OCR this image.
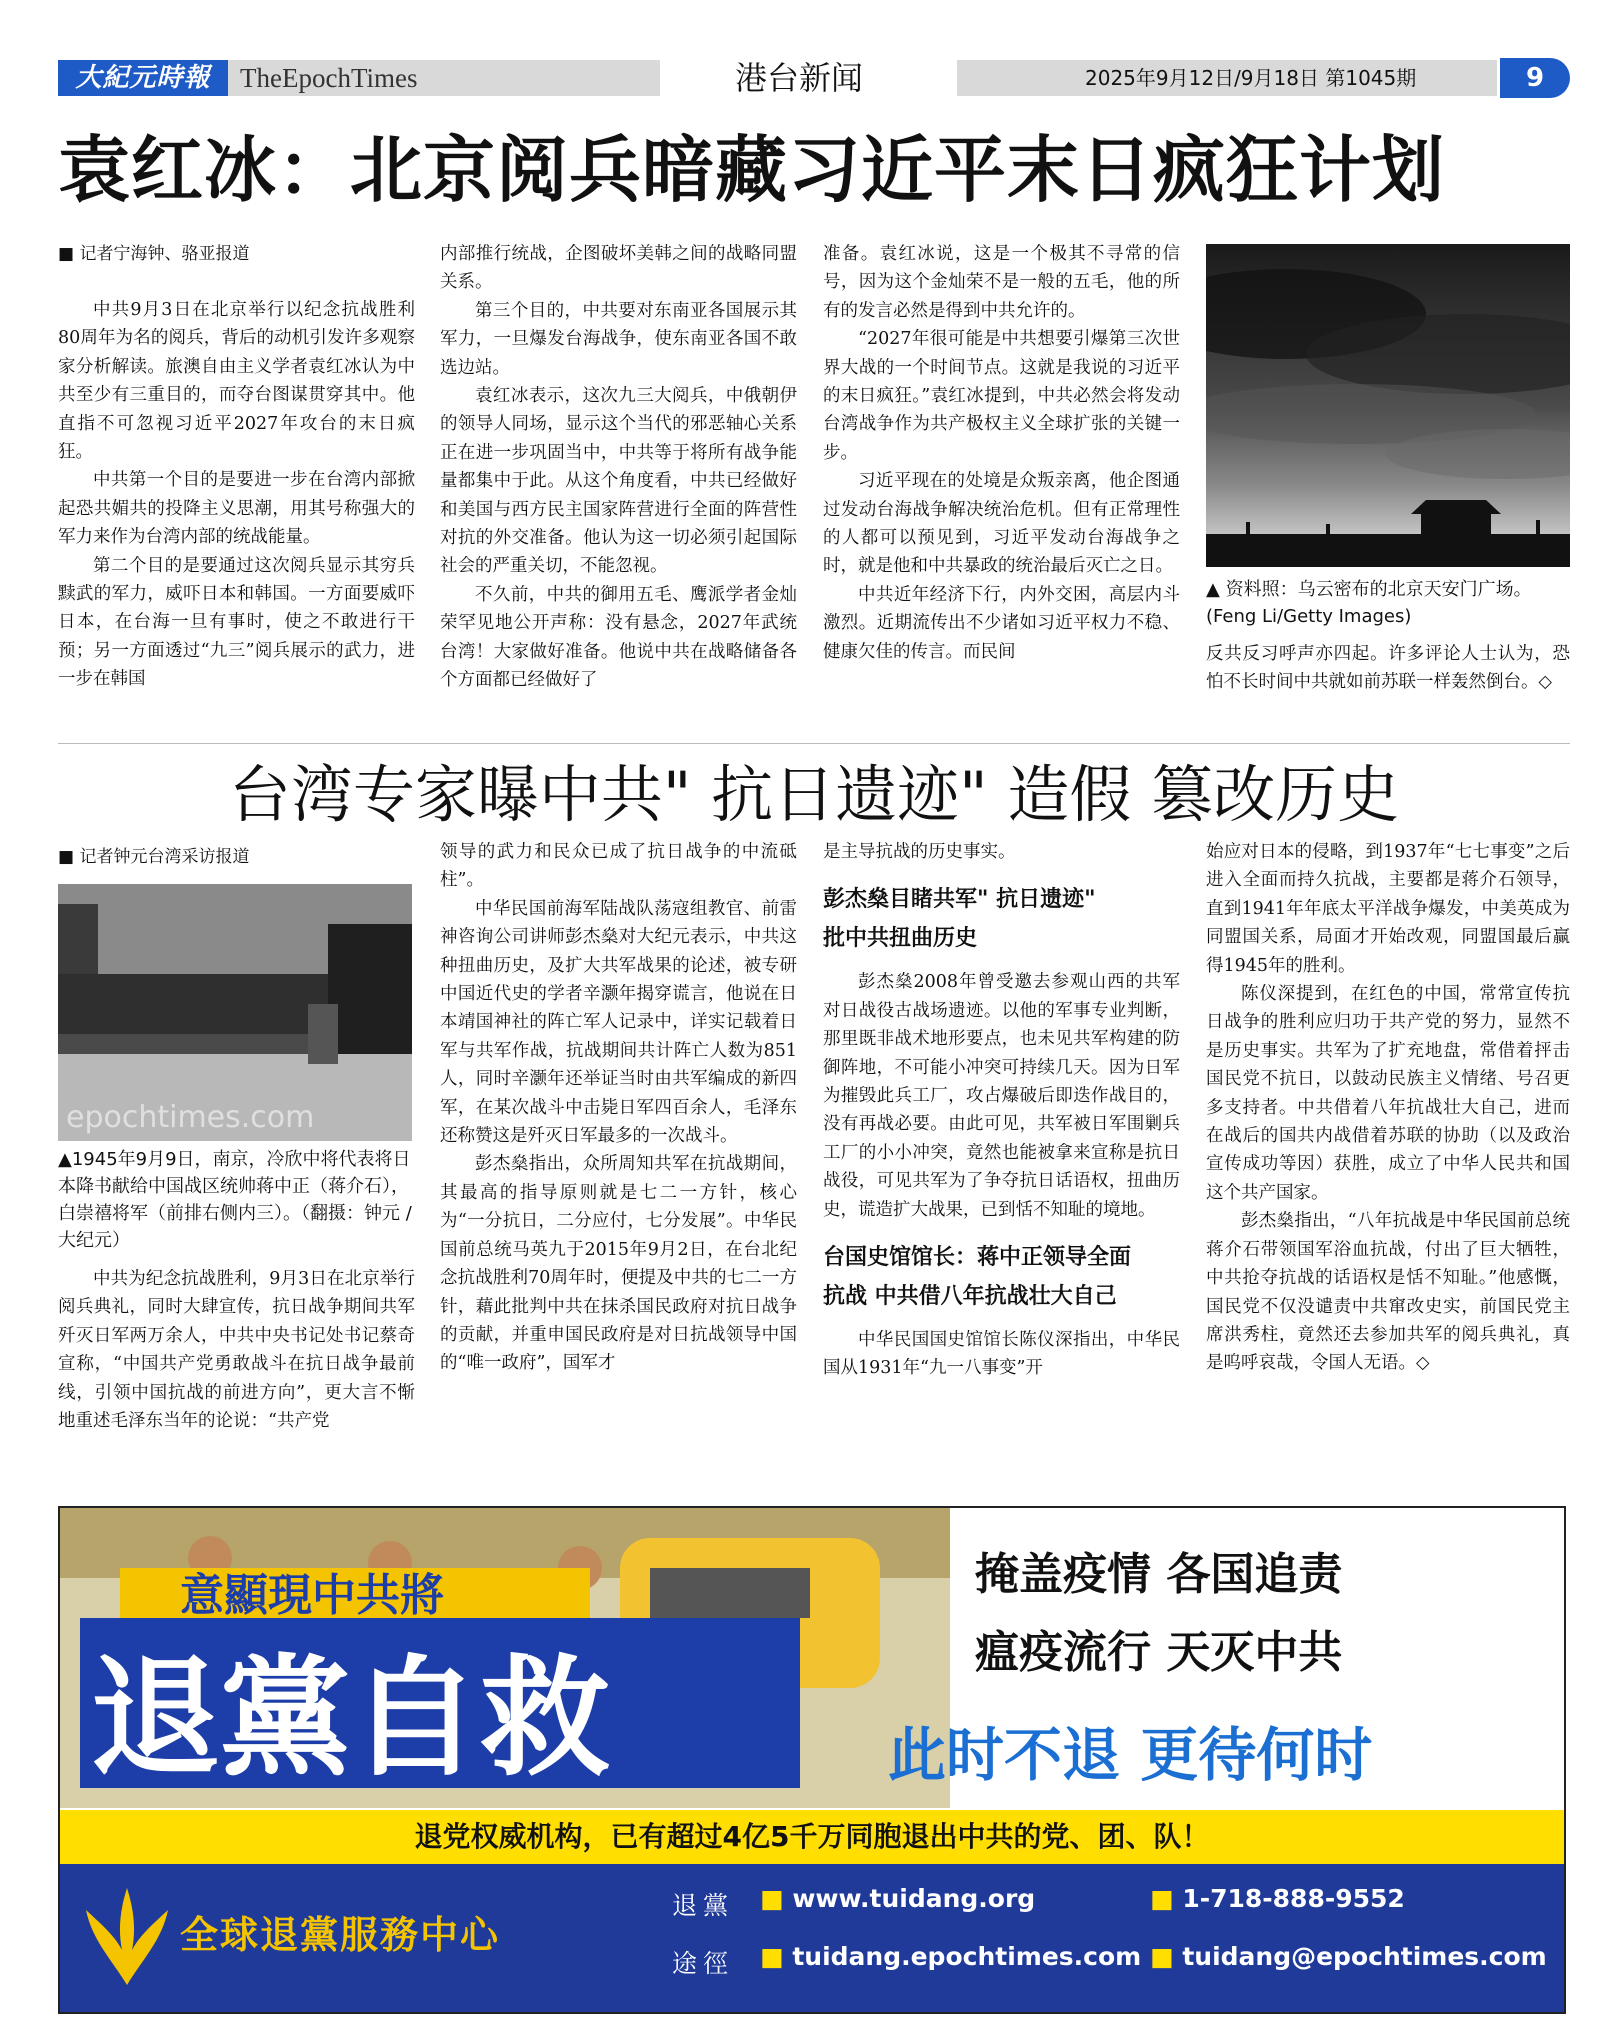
大紀元時報	TheEpochTimes	港台新闻	2025年9月12日/9月18日 第1045期	9
袁红冰：北京阅兵暗藏习近平末日疯狂计划
■ 记者宁海钟、骆亚报道

中共9月3日在北京举行以纪念抗战胜利80周年为名的阅兵，背后的动机引发许多观察家分析解读。旅澳自由主义学者袁红冰认为中共至少有三重目的，而夺台图谋贯穿其中。他直指不可忽视习近平2027年攻台的末日疯狂。

中共第一个目的是要进一步在台湾内部掀起恐共媚共的投降主义思潮，用其号称强大的军力来作为台湾内部的统战能量。

第二个目的是要通过这次阅兵显示其穷兵黩武的军力，威吓日本和韩国。一方面要威吓日本，在台海一旦有事时，使之不敢进行干预；另一方面透过“九三”阅兵展示的武力，进一步在韩国

内部推行统战，企图破坏美韩之间的战略同盟关系。

第三个目的，中共要对东南亚各国展示其军力，一旦爆发台海战争，使东南亚各国不敢选边站。

袁红冰表示，这次九三大阅兵，中俄朝伊的领导人同场，显示这个当代的邪恶轴心关系正在进一步巩固当中，中共等于将所有战争能量都集中于此。从这个角度看，中共已经做好和美国与西方民主国家阵营进行全面的阵营性对抗的外交准备。他认为这一切必须引起国际社会的严重关切，不能忽视。

不久前，中共的御用五毛、鹰派学者金灿荣罕见地公开声称：没有悬念，2027年武统台湾！大家做好准备。他说中共在战略储备各个方面都已经做好了

准备。袁红冰说，这是一个极其不寻常的信号，因为这个金灿荣不是一般的五毛，他的所有的发言必然是得到中共允许的。

“2027年很可能是中共想要引爆第三次世界大战的一个时间节点。这就是我说的习近平的末日疯狂。”袁红冰提到，中共必然会将发动台湾战争作为共产极权主义全球扩张的关键一步。

习近平现在的处境是众叛亲离，他企图通过发动台海战争解决统治危机。但有正常理性的人都可以预见到，习近平发动台海战争之时，就是他和中共暴政的统治最后灭亡之日。

中共近年经济下行，内外交困，高层内斗激烈。近期流传出不少诸如习近平权力不稳、健康欠佳的传言。而民间

▲ 资料照：乌云密布的北京天安门广场。(Feng Li/Getty Images)

反共反习呼声亦四起。许多评论人士认为，恐怕不长时间中共就如前苏联一样轰然倒台。◇

台湾专家曝中共" 抗日遗迹" 造假 篡改历史
■ 记者钟元台湾采访报道
epochtimes.com
▲1945年9月9日，南京，冷欣中将代表将日本降书献给中国战区统帅蒋中正（蒋介石），白崇禧将军（前排右侧内三）。（翻摄：钟元 / 大纪元）

中共为纪念抗战胜利，9月3日在北京举行阅兵典礼，同时大肆宣传，抗日战争期间共军歼灭日军两万余人，中共中央书记处书记蔡奇宣称，“中国共产党勇敢战斗在抗日战争最前线，引领中国抗战的前进方向”，更大言不惭地重述毛泽东当年的论说：“共产党

领导的武力和民众已成了抗日战争的中流砥柱”。

中华民国前海军陆战队荡寇组教官、前雷神咨询公司讲师彭杰燊对大纪元表示，中共这种扭曲历史，及扩大共军战果的论述，被专研中国近代史的学者辛灏年揭穿谎言，他说在日本靖国神社的阵亡军人记录中，详实记载着日军与共军作战，抗战期间共计阵亡人数为851人，同时辛灏年还举证当时由共军编成的新四军，在某次战斗中击毙日军四百余人，毛泽东还称赞这是歼灭日军最多的一次战斗。

彭杰燊指出，众所周知共军在抗战期间，其最高的指导原则就是七二一方针，核心为“一分抗日，二分应付，七分发展”。中华民国前总统马英九于2015年9月2日，在台北纪念抗战胜利70周年时，便提及中共的七二一方针，藉此批判中共在抹杀国民政府对抗日战争的贡献，并重申国民政府是对日抗战领导中国的“唯一政府”，国军才

是主导抗战的历史事实。

彭杰燊目睹共军" 抗日遗迹"
批中共扭曲历史

彭杰燊2008年曾受邀去参观山西的共军对日战役古战场遗迹。以他的军事专业判断，那里既非战术地形要点，也未见共军构建的防御阵地，不可能小冲突可持续几天。因为日军为摧毁此兵工厂，攻占爆破后即迭作战目的，没有再战必要。由此可见，共军被日军围剿兵工厂的小小冲突，竟然也能被拿来宣称是抗日战役，可见共军为了争夺抗日话语权，扭曲历史，谎造扩大战果，已到恬不知耻的境地。

台国史馆馆长：蒋中正领导全面
抗战 中共借八年抗战壮大自己

中华民国国史馆馆长陈仪深指出，中华民国从1931年“九一八事变”开

始应对日本的侵略，到1937年“七七事变”之后进入全面而持久抗战，主要都是蒋介石领导，直到1941年年底太平洋战争爆发，中美英成为同盟国关系，局面才开始改观，同盟国最后赢得1945年的胜利。

陈仪深提到，在红色的中国，常常宣传抗日战争的胜利应归功于共产党的努力，显然不是历史事实。共军为了扩充地盘，常借着抨击国民党不抗日，以鼓动民族主义情绪、号召更多支持者。中共借着八年抗战壮大自己，进而在战后的国共内战借着苏联的协助（以及政治宣传成功等因）获胜，成立了中华人民共和国这个共产国家。

彭杰燊指出，“八年抗战是中华民国前总统蒋介石带领国军浴血抗战，付出了巨大牺牲，中共抢夺抗战的话语权是恬不知耻。”他感慨，国民党不仅没谴责中共窜改史实，前国民党主席洪秀柱，竟然还去参加共军的阅兵典礼，真是呜呼哀哉，令国人无语。◇

意顯現中共將
退黨自救
掩盖疫情 各国追责
瘟疫流行 天灭中共
此时不退 更待何时
退党权威机构，已有超过4亿5千万同胞退出中共的党、团、队！
全球退黨服務中心
退黨
途徑
■ www.tuidang.org
■ tuidang.epochtimes.com
■ 1-718-888-9552
■ tuidang@epochtimes.com
